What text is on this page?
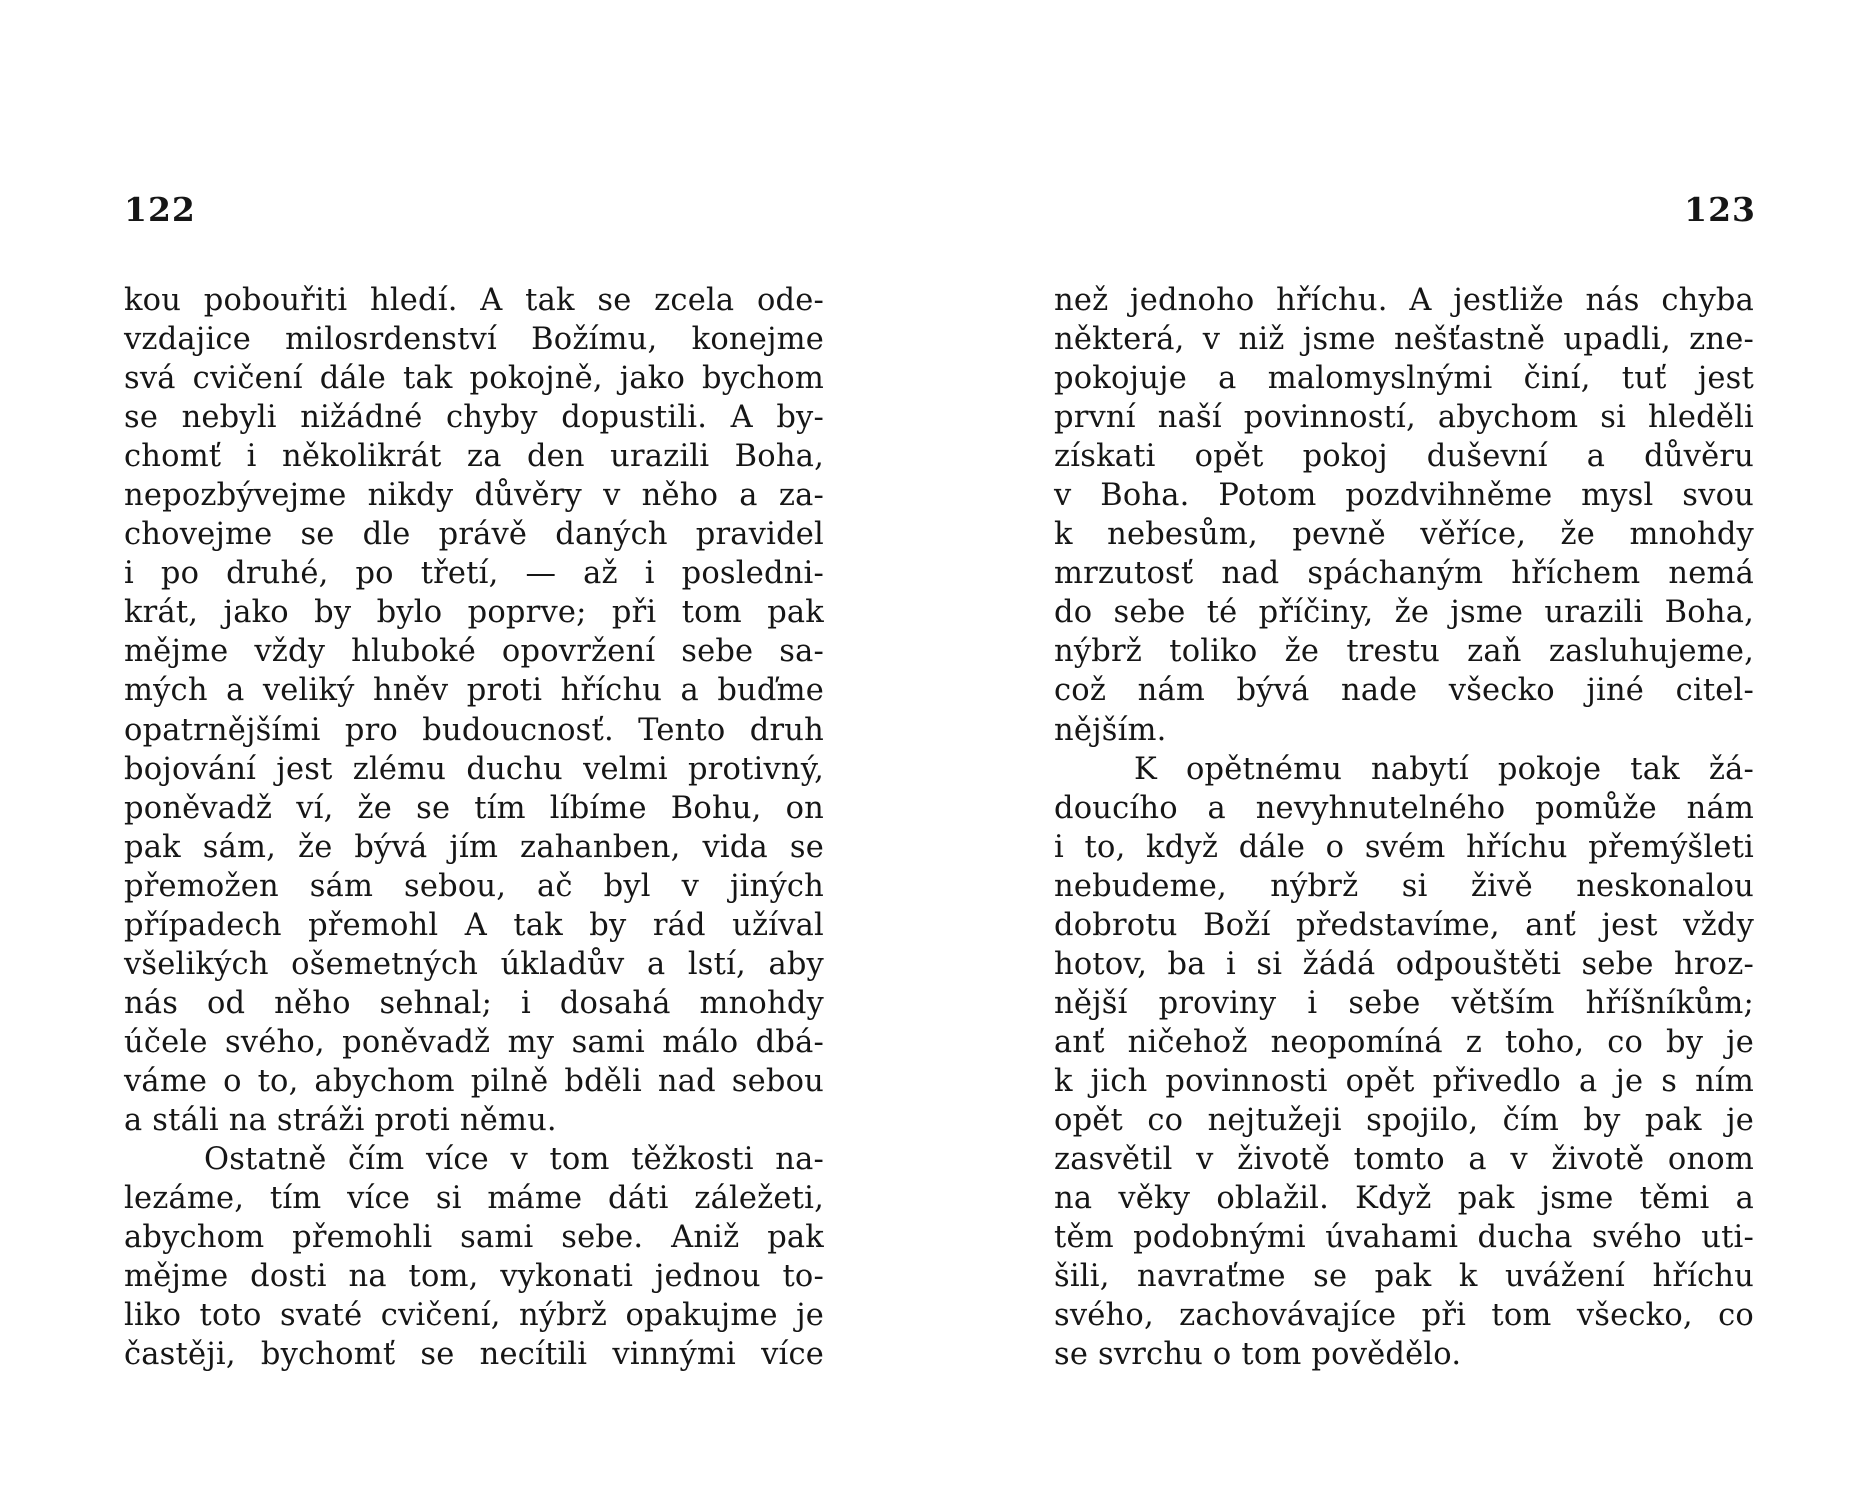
122
kou pobouřiti hledí. A tak se zcela ode-
vzdajice milosrdenství Božímu, konejme
svá cvičení dále tak pokojně, jako bychom
se nebyli nižádné chyby dopustili. A by-
chomť i několikrát za den urazili Boha,
nepozbývejme nikdy důvěry v něho a za-
chovejme se dle právě daných pravidel
i po druhé, po třetí, — až i posledni-
krát, jako by bylo poprve; při tom pak
mějme vždy hluboké opovržení sebe sa-
mých a veliký hněv proti hříchu a buďme
opatrnějšími pro budoucnosť. Tento druh
bojování jest zlému duchu velmi protivný,
poněvadž ví, že se tím líbíme Bohu, on
pak sám, že bývá jím zahanben, vida se
přemožen sám sebou, ač byl v jiných
případech přemohl A tak by rád užíval
všelikých ošemetných úkladův a lstí, aby
nás od něho sehnal; i dosahá mnohdy
účele svého, poněvadž my sami málo dbá-
váme o to, abychom pilně bděli nad sebou
a stáli na stráži proti němu.
Ostatně čím více v tom těžkosti na-
lezáme, tím více si máme dáti záležeti,
abychom přemohli sami sebe. Aniž pak
mějme dosti na tom, vykonati jednou to-
liko toto svaté cvičení, nýbrž opakujme je
častěji, bychomť se necítili vinnými více
123
než jednoho hříchu. A jestliže nás chyba
některá, v niž jsme nešťastně upadli, zne-
pokojuje a malomyslnými činí, tuť jest
první naší povinností, abychom si hleděli
získati opět pokoj duševní a důvěru
v Boha. Potom pozdvihněme mysl svou
k nebesům, pevně věříce, že mnohdy
mrzutosť nad spáchaným hříchem nemá
do sebe té příčiny, že jsme urazili Boha,
nýbrž toliko že trestu zaň zasluhujeme,
což nám bývá nade všecko jiné citel-
nějším.
K opětnému nabytí pokoje tak žá-
doucího a nevyhnutelného pomůže nám
i to, když dále o svém hříchu přemýšleti
nebudeme, nýbrž si živě neskonalou
dobrotu Boží představíme, anť jest vždy
hotov, ba i si žádá odpouštěti sebe hroz-
nější proviny i sebe větším hříšníkům;
anť ničehož neopomíná z toho, co by je
k jich povinnosti opět přivedlo a je s ním
opět co nejtužeji spojilo, čím by pak je
zasvětil v životě tomto a v životě onom
na věky oblažil. Když pak jsme těmi a
těm podobnými úvahami ducha svého uti-
šili, navraťme se pak k uvážení hříchu
svého, zachovávajíce při tom všecko, co
se svrchu o tom povědělo.
